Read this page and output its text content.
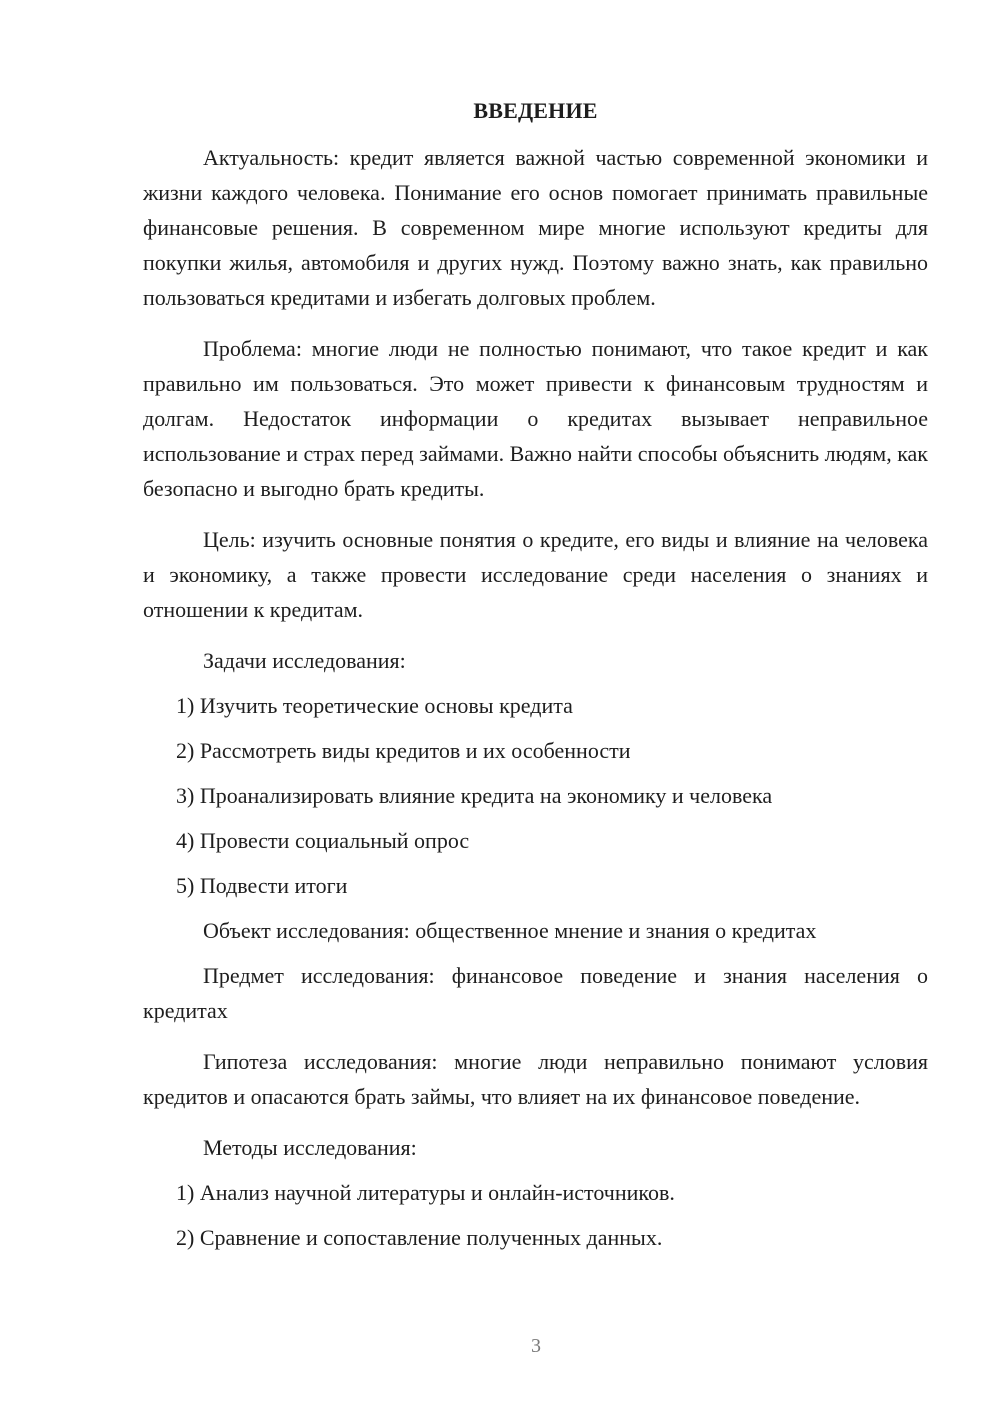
ВВЕДЕНИЕ

Актуальность: кредит является важной частью современной экономики и жизни каждого человека. Понимание его основ помогает принимать правильные финансовые решения. В современном мире многие используют кредиты для покупки жилья, автомобиля и других нужд. Поэтому важно знать, как правильно пользоваться кредитами и избегать долговых проблем.

Проблема: многие люди не полностью понимают, что такое кредит и как правильно им пользоваться. Это может привести к финансовым трудностям и долгам. Недостаток информации о кредитах вызывает неправильное использование и страх перед займами. Важно найти способы объяснить людям, как безопасно и выгодно брать кредиты.

Цель: изучить основные понятия о кредите, его виды и влияние на человека и экономику, а также провести исследование среди населения о знаниях и отношении к кредитам.

Задачи исследования:
1) Изучить теоретические основы кредита
2) Рассмотреть виды кредитов и их особенности
3) Проанализировать влияние кредита на экономику и человека
4) Провести социальный опрос
5) Подвести итоги
Объект исследования: общественное мнение и знания о кредитах

Предмет исследования: финансовое поведение и знания населения о кредитах

Гипотеза исследования: многие люди неправильно понимают условия кредитов и опасаются брать займы, что влияет на их финансовое поведение.

Методы исследования:
1) Анализ научной литературы и онлайн-источников.
2) Сравнение и сопоставление полученных данных.
3
